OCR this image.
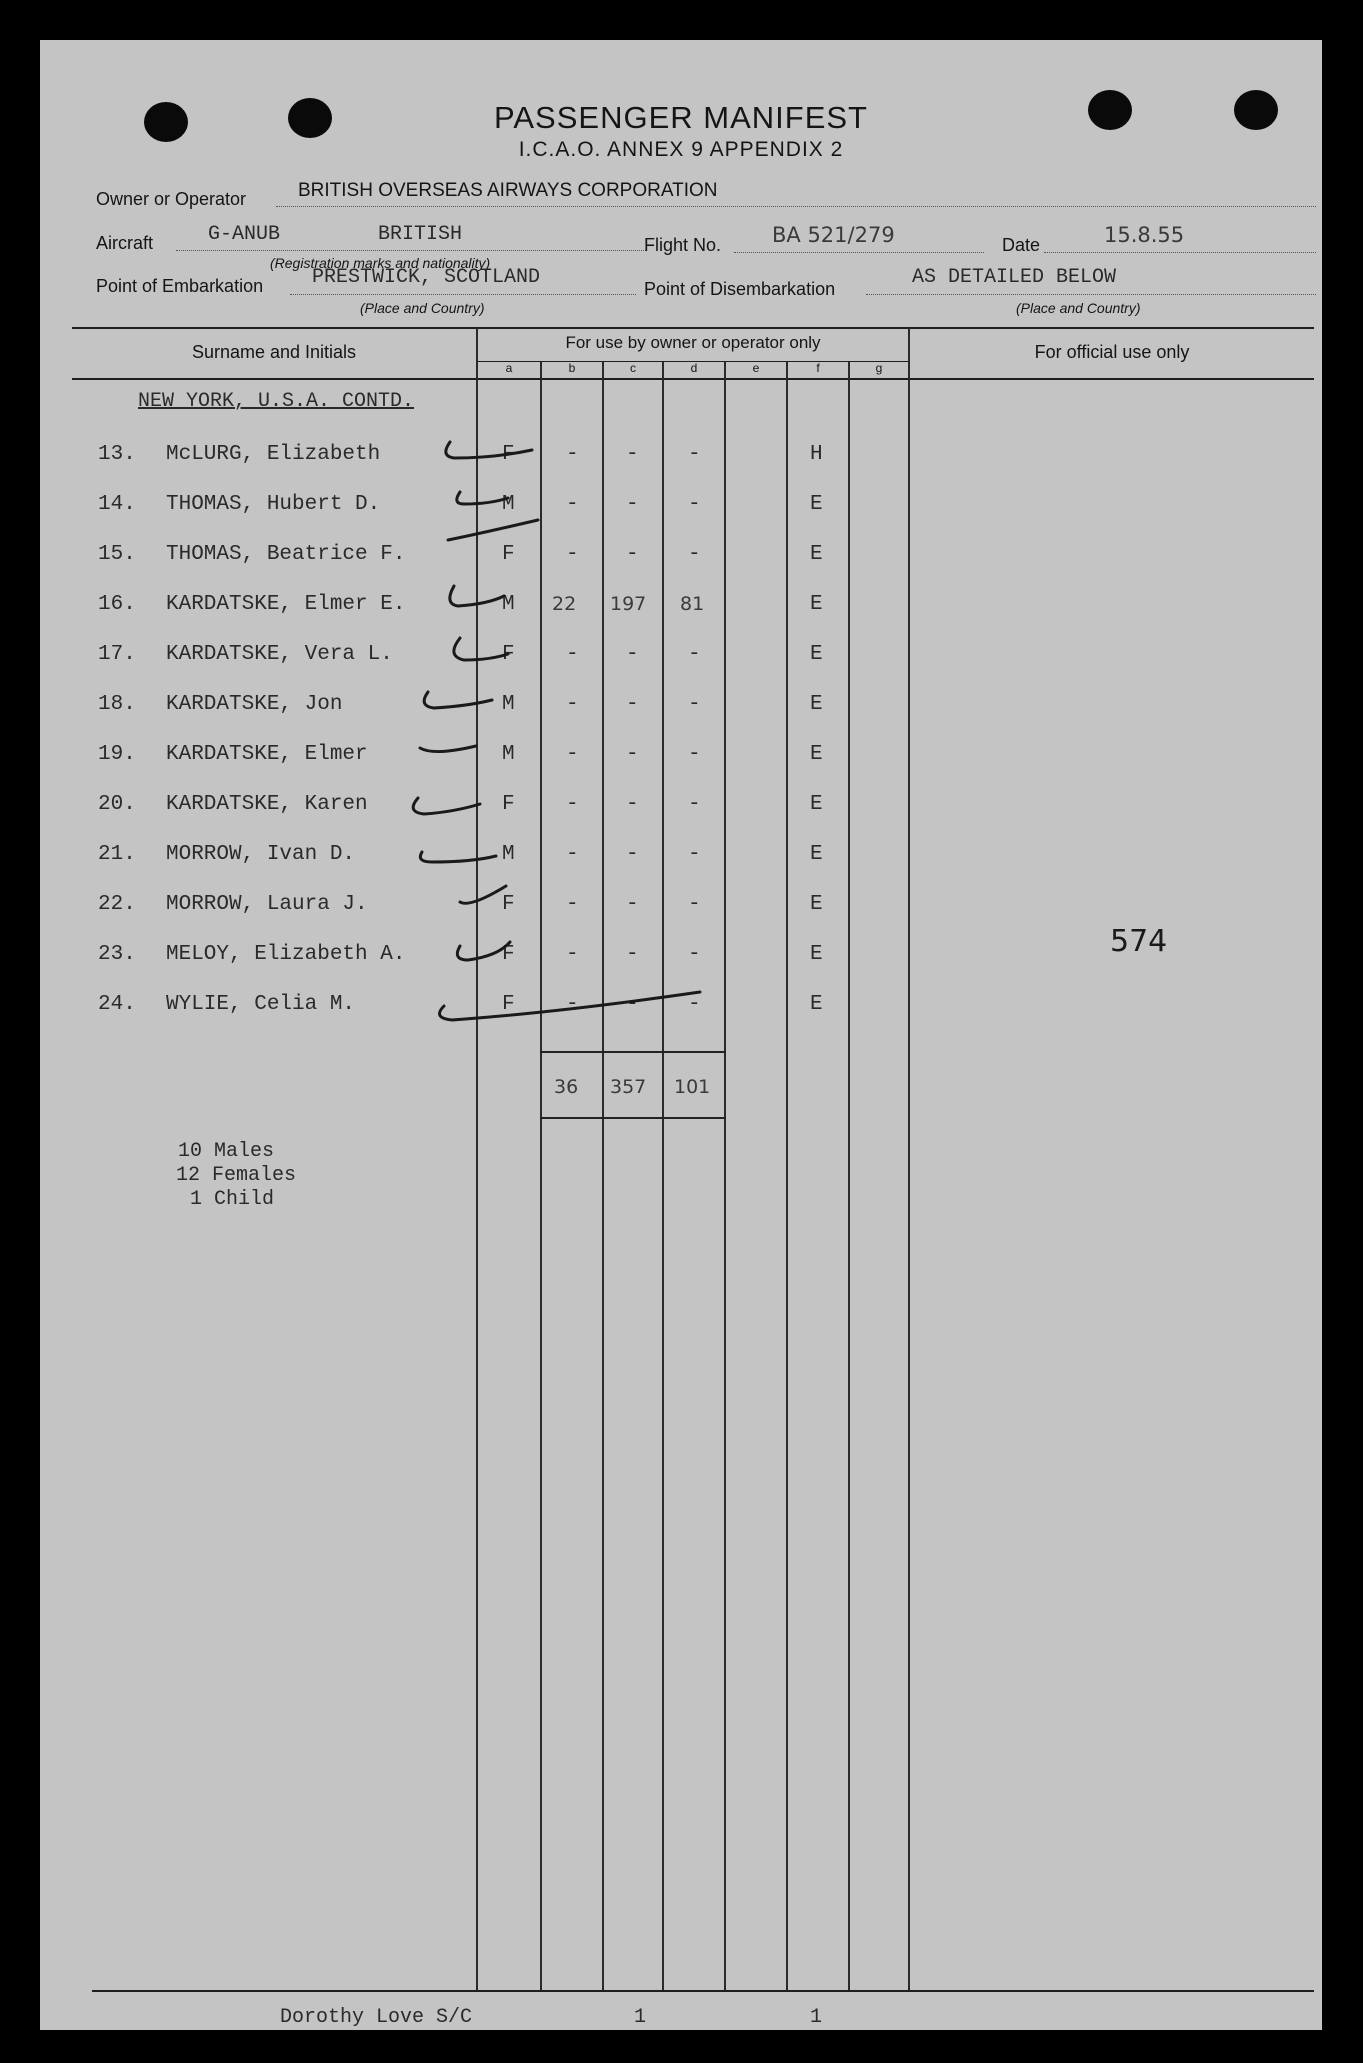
PASSENGER MANIFEST
I.C.A.O. ANNEX 9 APPENDIX 2
Owner or Operator	BRITISH OVERSEAS AIRWAYS CORPORATION
Aircraft	G-ANUB	BRITISH
(Registration marks and nationality)
Flight No. BA 521/279	Date	15.8.55
Point of Embarkation PRESTWICK, SCOTLAND
(Place and Country)
Point of Disembarkation	AS DETAILED BELOW
(Place and Country)
Surname and Initials	For use by owner or operator only	For official use only
a	b	c	d	e	f	g
NEW YORK, U.S.A. CONTD.
13. McLURG, Elizabeth	F - - -	H
14. THOMAS, Hubert D.	M - - -	E
15. THOMAS, Beatrice F.	F - - -	E
16. KARDATSKE, Elmer E.	M 22 197 81	E
17. KARDATSKE, Vera L.	F - - -	E
18. KARDATSKE, Jon	M - - -	E
19. KARDATSKE, Elmer	M - - -	E
20. KARDATSKE, Karen	F - - -	E
21. MORROW, Ivan D.	M - - -	E
22. MORROW, Laura J.	F - - -	E
23. MELOY, Elizabeth A.	F - - -	E
24. WYLIE, Celia M.	F - - -	E
36 357 101
574
10 Males
12 Females
1 Child
Dorothy Love S/C	1	1
